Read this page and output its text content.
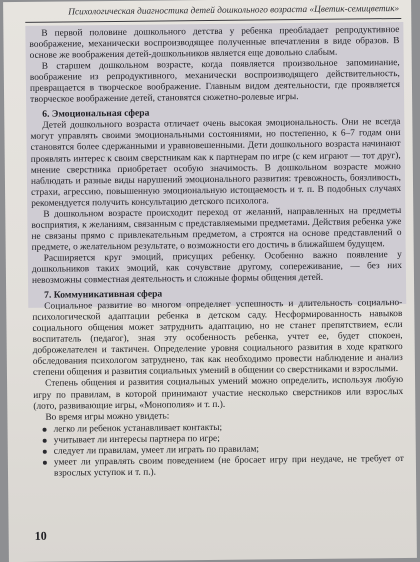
Психологическая диагностика детей дошкольного возраста «Цветик-семицветик»

В первой половине дошкольного детства у ребенка преобладает репродуктивное воображение, механически воспроизводящее полученные впечатления в виде образов. В основе же воображения детей-дошкольников является еще довольно слабым.

В старшем дошкольном возрасте, когда появляется произвольное запоминание, воображение из репродуктивного, механически воспроизводящего действительность, превращается в творческое воображение. Главным видом деятельности, где проявляется творческое воображение детей, становятся сюжетно-ролевые игры.

6. Эмоциональная сфера

Детей дошкольного возраста отличает очень высокая эмоциональность. Они не всегда могут управлять своими эмоциональными состояниями, но постепенно, к 6–7 годам они становятся более сдержанными и уравновешенными. Дети дошкольного возраста начинают проявлять интерес к своим сверстникам как к партнерам по игре (с кем играют — тот друг), мнение сверстника приобретает особую значимость. В дошкольном возрасте можно наблюдать и разные виды нарушений эмоционального развития: тревожность, боязливость, страхи, агрессию, повышенную эмоциональную истощаемость и т. п. В подобных случаях рекомендуется получить консультацию детского психолога.

В дошкольном возрасте происходит переход от желаний, направленных на предметы восприятия, к желаниям, связанным с представляемыми предметами. Действия ребенка уже не связаны прямо с привлекательным предметом, а строятся на основе представлений о предмете, о желательном результате, о возможности его достичь в ближайшем будущем.

Расширяется круг эмоций, присущих ребенку. Особенно важно появление у дошкольников таких эмоций, как сочувствие другому, сопереживание, — без них невозможны совместная деятельность и сложные формы общения детей.

7. Коммуникативная сфера

Социальное развитие во многом определяет успешность и длительность социально-психологической адаптации ребенка в детском саду. Несформированность навыков социального общения может затруднить адаптацию, но не станет препятствием, если воспитатель (педагог), зная эту особенность ребенка, учтет ее, будет спокоен, доброжелателен и тактичен. Определение уровня социального развития в ходе краткого обследования психологом затруднено, так как необходимо провести наблюдение и анализ степени общения и развития социальных умений в общении со сверстниками и взрослыми.

Степень общения и развития социальных умений можно определить, используя любую игру по правилам, в которой принимают участие несколько сверстников или взрослых (лото, развивающие игры, «Монополия» и т. п.).

Во время игры можно увидеть:

легко ли ребенок устанавливает контакты;
учитывает ли интересы партнера по игре;
следует ли правилам, умеет ли играть по правилам;
умеет ли управлять своим поведением (не бросает игру при неудаче, не требует от взрослых уступок и т. п.).
10
